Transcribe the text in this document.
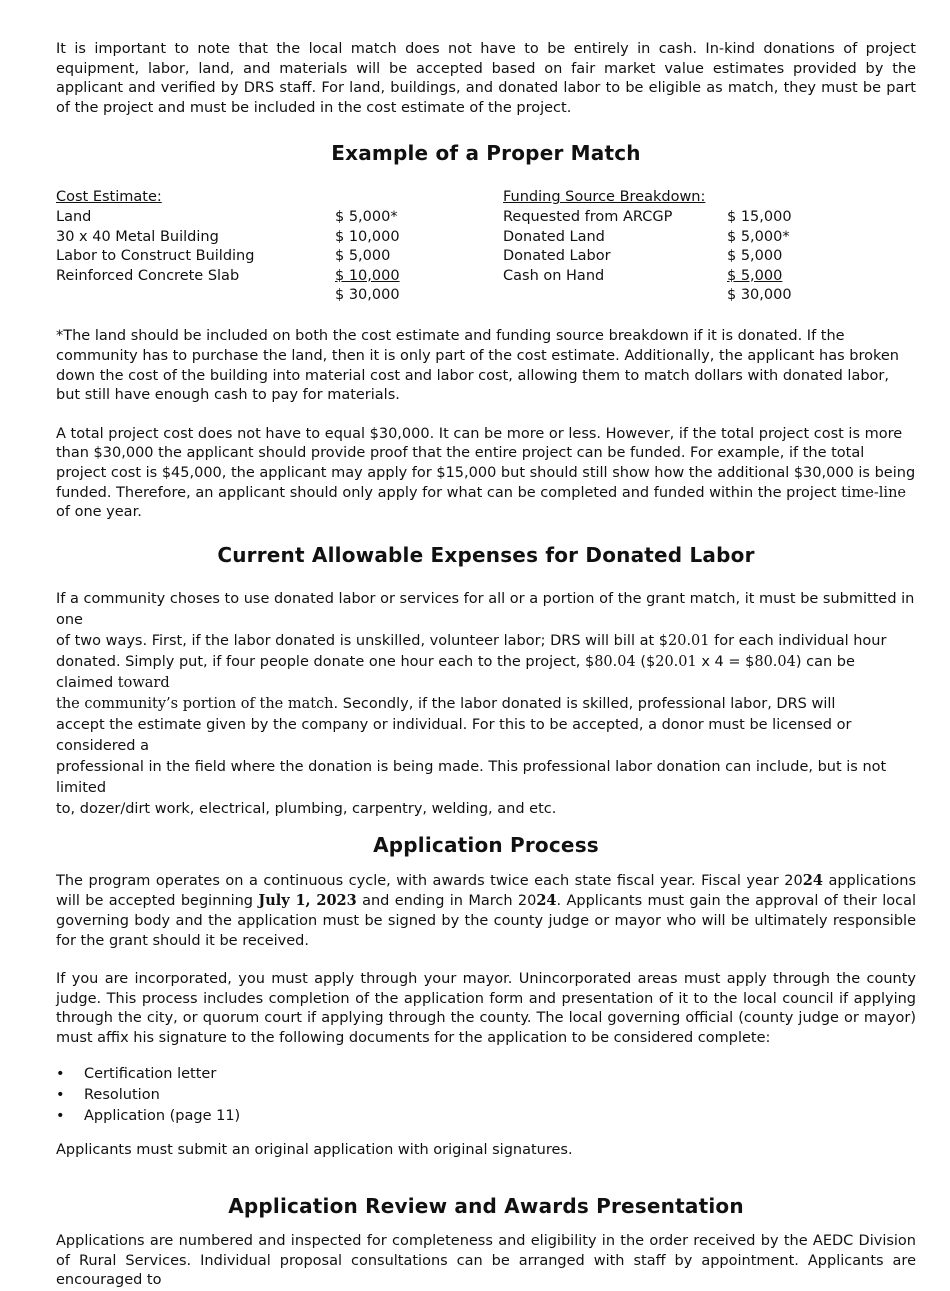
It is important to note that the local match does not have to be entirely in cash. In-kind donations of project equipment, labor, land, and materials will be accepted based on fair market value estimates provided by the applicant and verified by DRS staff. For land, buildings, and donated labor to be eligible as match, they must be part of the project and must be included in the cost estimate of the project.

Example of a Proper Match
Cost Estimate:
Land	$ 5,000*
30 x 40 Metal Building	$ 10,000
Labor to Construct Building	$ 5,000
Reinforced Concrete Slab	$ 10,000
$ 30,000
Funding Source Breakdown:
Requested from ARCGP	$ 15,000
Donated Land	$ 5,000*
Donated Labor	$ 5,000
Cash on Hand	$ 5,000
$ 30,000

*The land should be included on both the cost estimate and funding source breakdown if it is donated. If the community has to purchase the land, then it is only part of the cost estimate. Additionally, the applicant has broken down the cost of the building into material cost and labor cost, allowing them to match dollars with donated labor, but still have enough cash to pay for materials.

A total project cost does not have to equal $30,000. It can be more or less. However, if the total project cost is more than $30,000 the applicant should provide proof that the entire project can be funded. For example, if the total project cost is $45,000, the applicant may apply for $15,000 but should still show how the additional $30,000 is being funded. Therefore, an applicant should only apply for what can be completed and funded within the project time-line of one year.

Current Allowable Expenses for Donated Labor
If a community choses to use donated labor or services for all or a portion of the grant match, it must be submitted in one
of two ways. First, if the labor donated is unskilled, volunteer labor; DRS will bill at $20.01 for each individual hour
donated. Simply put, if four people donate one hour each to the project, $80.04 ($20.01 x 4 = $80.04) can be claimed toward
the community’s portion of the match. Secondly, if the labor donated is skilled, professional labor, DRS will
accept the estimate given by the company or individual. For this to be accepted, a donor must be licensed or considered a
professional in the field where the donation is being made. This professional labor donation can include, but is not limited
to, dozer/dirt work, electrical, plumbing, carpentry, welding, and etc.
Application Process

The program operates on a continuous cycle, with awards twice each state fiscal year. Fiscal year 2024 applications will be accepted beginning July 1, 2023 and ending in March 2024. Applicants must gain the approval of their local governing body and the application must be signed by the county judge or mayor who will be ultimately responsible for the grant should it be received.

If you are incorporated, you must apply through your mayor. Unincorporated areas must apply through the county judge. This process includes completion of the application form and presentation of it to the local council if applying through the city, or quorum court if applying through the county. The local governing official (county judge or mayor) must affix his signature to the following documents for the application to be considered complete:

• Certification letter
• Resolution
• Application (page 11)

Applicants must submit an original application with original signatures.

Application Review and Awards Presentation

Applications are numbered and inspected for completeness and eligibility in the order received by the AEDC Division of Rural Services. Individual proposal consultations can be arranged with staff by appointment. Applicants are encouraged to
